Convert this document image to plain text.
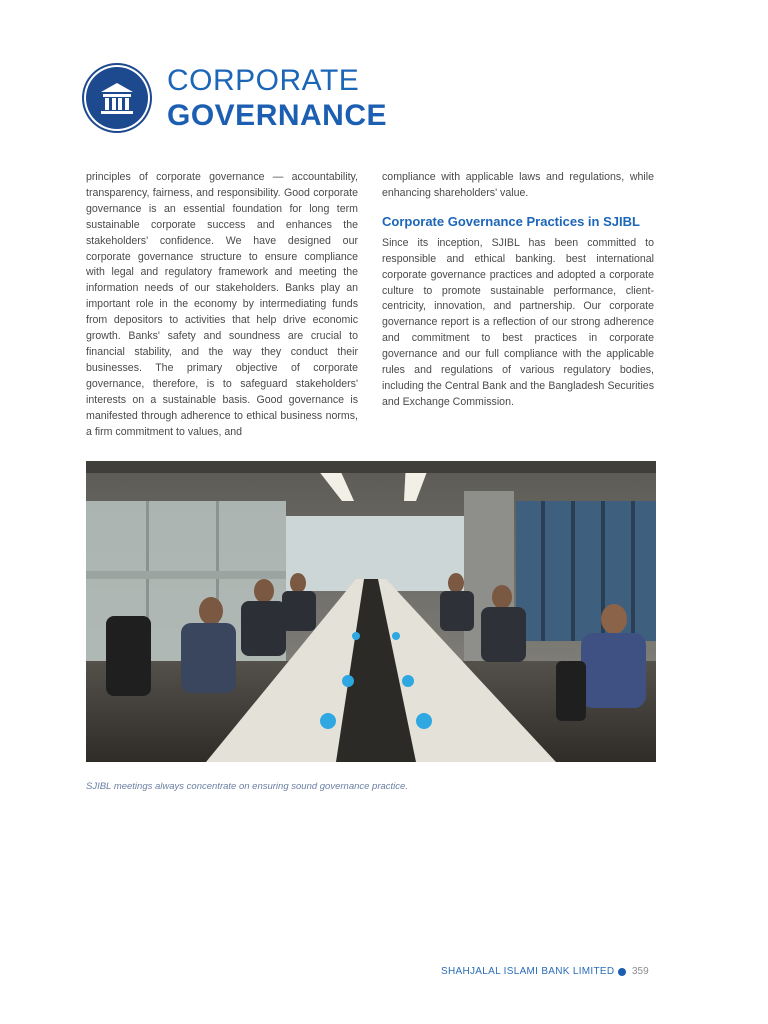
CORPORATE
GOVERNANCE

principles of corporate governance — accountability, transparency, fairness, and responsibility. Good corporate governance is an essential foundation for long term sustainable corporate success and enhances the stakeholders' confidence. We have designed our corporate governance structure to ensure compliance with legal and regulatory framework and meeting the information needs of our stakeholders. Banks play an important role in the economy by intermediating funds from depositors to activities that help drive economic growth. Banks' safety and soundness are crucial to financial stability, and the way they conduct their businesses. The primary objective of corporate governance, therefore, is to safeguard stakeholders' interests on a sustainable basis. Good governance is manifested through adherence to ethical business norms, a firm commitment to values, and

compliance with applicable laws and regulations, while enhancing shareholders' value.

Corporate Governance Practices in SJIBL

Since its inception, SJIBL has been committed to responsible and ethical banking. best international corporate governance practices and adopted a corporate culture to promote sustainable performance, client-centricity, innovation, and partnership. Our corporate governance report is a reflection of our strong adherence and commitment to best practices in corporate governance and our full compliance with the applicable rules and regulations of various regulatory bodies, including the Central Bank and the Bangladesh Securities and Exchange Commission.

SJIBL meetings always concentrate on ensuring sound governance practice.
SHAHJALAL ISLAMI BANK LIMITED 359
